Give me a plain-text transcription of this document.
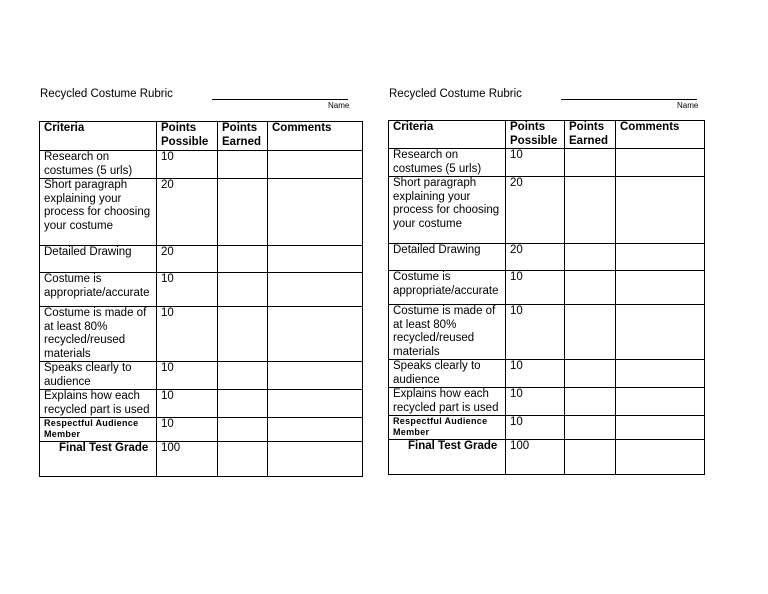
Recycled Costume Rubric
Name
Criteria	Points Possible	Points Earned	Comments
Research on costumes (5 urls)	10		
Short paragraph explaining your process for choosing your costume	20		
Detailed Drawing	20		
Costume is appropriate/accurate	10		
Costume is made of at least 80% recycled/reused materials	10		
Speaks clearly to audience	10		
Explains how each recycled part is used	10		
Respectful Audience Member	10		
Final Test Grade	100		
Recycled Costume Rubric
Name
Criteria	Points Possible	Points Earned	Comments
Research on costumes (5 urls)	10		
Short paragraph explaining your process for choosing your costume	20		
Detailed Drawing	20		
Costume is appropriate/accurate	10		
Costume is made of at least 80% recycled/reused materials	10		
Speaks clearly to audience	10		
Explains how each recycled part is used	10		
Respectful Audience Member	10		
Final Test Grade	100		
